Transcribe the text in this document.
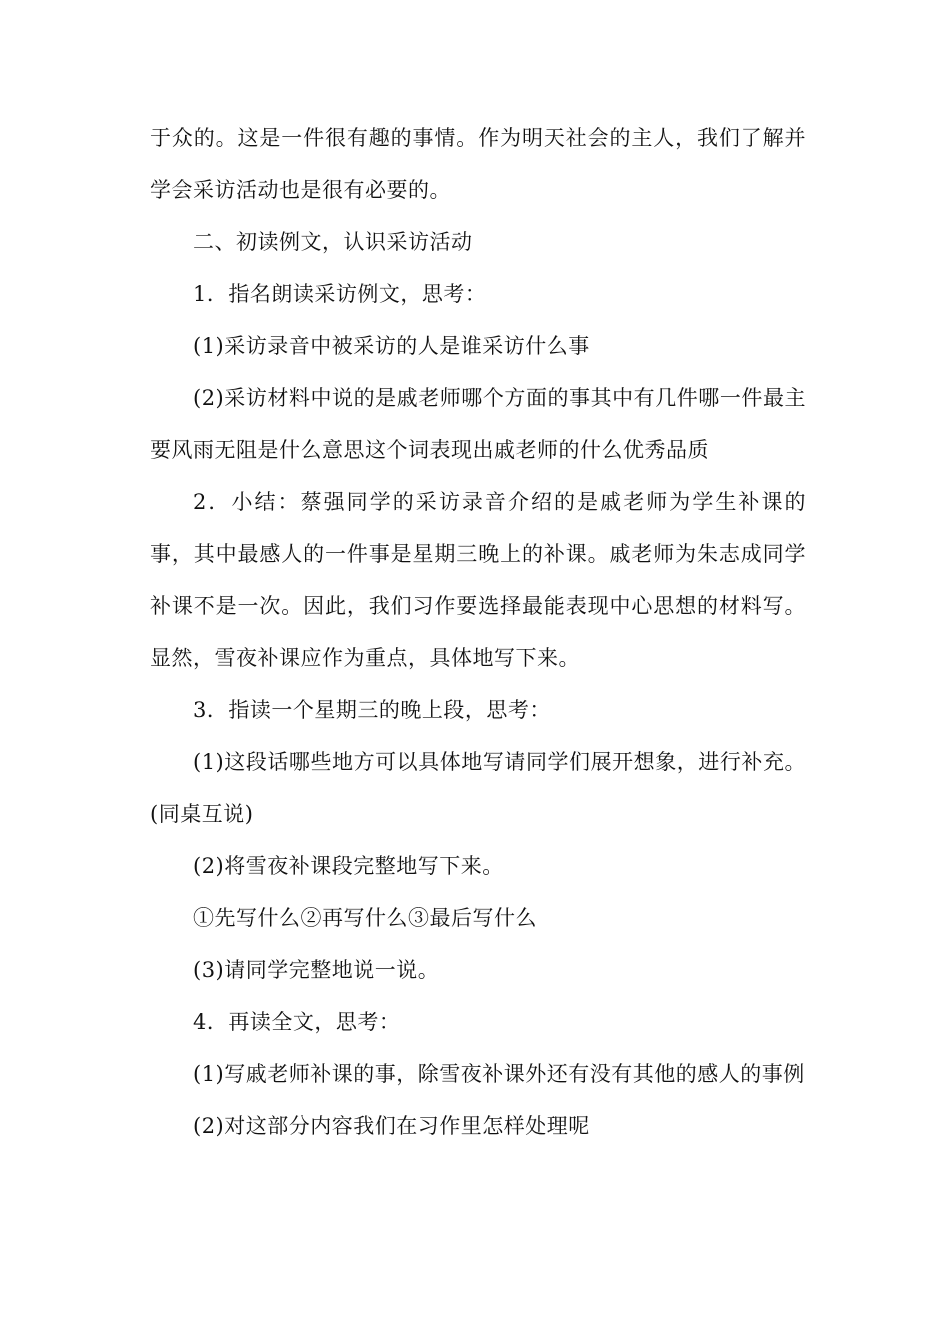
于众的。这是一件很有趣的事情。作为明天社会的主人，我们了解并学会采访活动也是很有必要的。

二、初读例文，认识采访活动

1．指名朗读采访例文，思考：

(1)采访录音中被采访的人是谁采访什么事

(2)采访材料中说的是戚老师哪个方面的事其中有几件哪一件最主要风雨无阻是什么意思这个词表现出戚老师的什么优秀品质

2．小结：蔡强同学的采访录音介绍的是戚老师为学生补课的事，其中最感人的一件事是星期三晚上的补课。戚老师为朱志成同学补课不是一次。因此，我们习作要选择最能表现中心思想的材料写。显然，雪夜补课应作为重点，具体地写下来。

3．指读一个星期三的晚上段，思考：

(1)这段话哪些地方可以具体地写请同学们展开想象，进行补充。(同桌互说)

(2)将雪夜补课段完整地写下来。

①先写什么②再写什么③最后写什么

(3)请同学完整地说一说。

4．再读全文，思考：

(1)写戚老师补课的事，除雪夜补课外还有没有其他的感人的事例

(2)对这部分内容我们在习作里怎样处理呢
